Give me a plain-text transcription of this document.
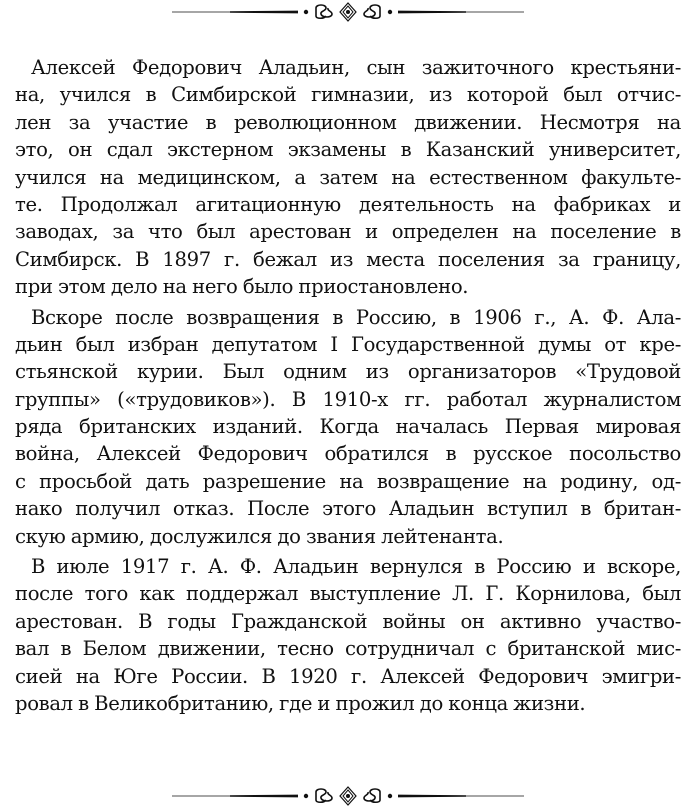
Алексей Федорович Аладьин, сын зажиточного крестьяни-
на, учился в Симбирской гимназии, из которой был отчис-
лен за участие в революционном движении. Несмотря на
это, он сдал экстерном экзамены в Казанский университет,
учился на медицинском, а затем на естественном факульте-
те. Продолжал агитационную деятельность на фабриках и
заводах, за что был арестован и определен на поселение в
Симбирск. В 1897 г. бежал из места поселения за границу,
при этом дело на него было приостановлено.
Вскоре после возвращения в Россию, в 1906 г., А. Ф. Ала-
дьин был избран депутатом I Государственной думы от кре-
стьянской курии. Был одним из организаторов «Трудовой
группы» («трудовиков»). В 1910-х гг. работал журналистом
ряда британских изданий. Когда началась Первая мировая
война, Алексей Федорович обратился в русское посольство
с просьбой дать разрешение на возвращение на родину, од-
нако получил отказ. После этого Аладьин вступил в британ-
скую армию, дослужился до звания лейтенанта.
В июле 1917 г. А. Ф. Аладьин вернулся в Россию и вскоре,
после того как поддержал выступление Л. Г. Корнилова, был
арестован. В годы Гражданской войны он активно участво-
вал в Белом движении, тесно сотрудничал с британской мис-
сией на Юге России. В 1920 г. Алексей Федорович эмигри-
ровал в Великобританию, где и прожил до конца жизни.
